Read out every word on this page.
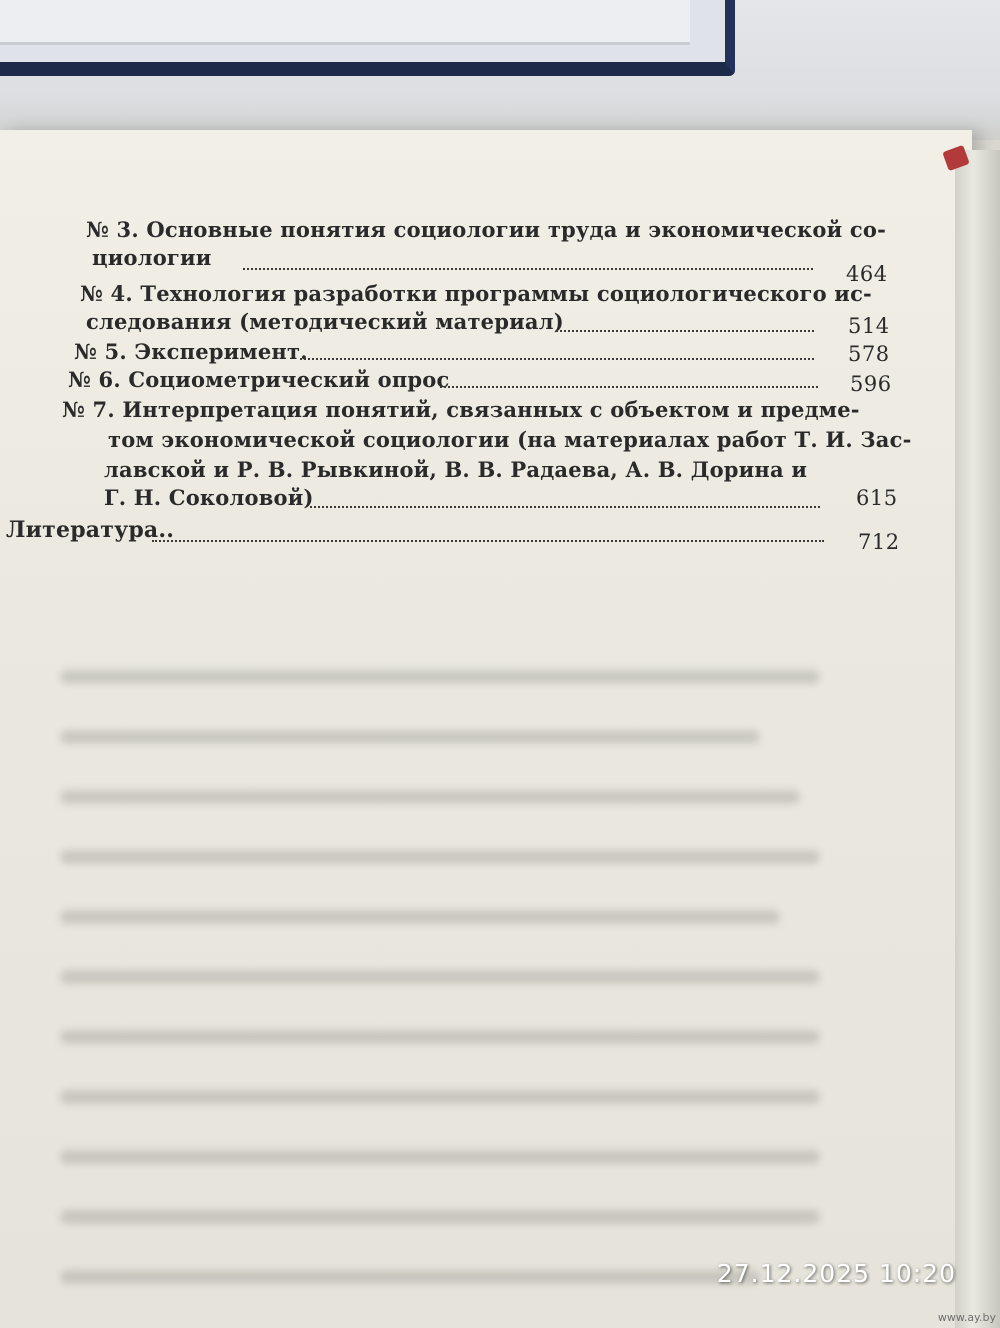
№ 3. Основные понятия социологии труда и экономической со-
циологии
464
№ 4. Технология разработки программы социологического ис-
следования (методический материал)	514
№ 5. Эксперимент.	578
№ 6. Социометрический опрос	596
№ 7. Интерпретация понятий, связанных с объектом и предме-
том экономической социологии (на материалах работ Т. И. Зас-
лавской и Р. В. Рывкиной, В. В. Радаева, А. В. Дорина и
Г. Н. Соколовой)	615
Литература..	712
27.12.2025 10:20
www.ay.by
